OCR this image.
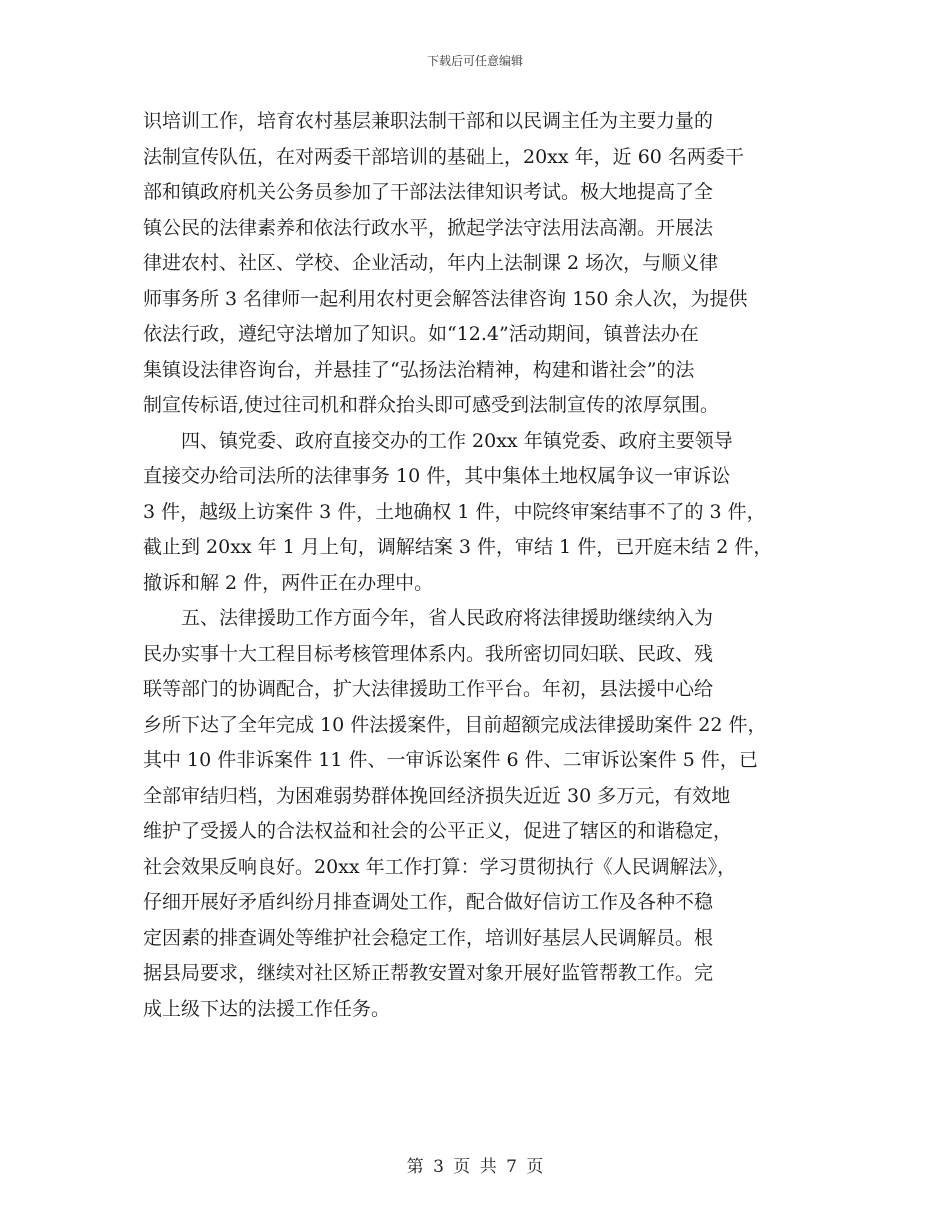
下载后可任意编辑
识培训工作，培育农村基层兼职法制干部和以民调主任为主要力量的
法制宣传队伍，在对两委干部培训的基础上，20xx 年，近 60 名两委干
部和镇政府机关公务员参加了干部法法律知识考试。极大地提高了全
镇公民的法律素养和依法行政水平，掀起学法守法用法高潮。开展法
律进农村、社区、学校、企业活动，年内上法制课 2 场次，与顺义律
师事务所 3 名律师一起利用农村更会解答法律咨询 150 余人次，为提供
依法行政，遵纪守法增加了知识。如“12.4”活动期间，镇普法办在
集镇设法律咨询台，并悬挂了“弘扬法治精神，构建和谐社会”的法
制宣传标语,使过往司机和群众抬头即可感受到法制宣传的浓厚氛围。
　　四、镇党委、政府直接交办的工作 20xx 年镇党委、政府主要领导
直接交办给司法所的法律事务 10 件，其中集体土地权属争议一审诉讼
3 件，越级上访案件 3 件，土地确权 1 件，中院终审案结事不了的 3 件，
截止到 20xx 年 1 月上旬，调解结案 3 件，审结 1 件，已开庭未结 2 件，
撤诉和解 2 件，两件正在办理中。
　　五、法律援助工作方面今年，省人民政府将法律援助继续纳入为
民办实事十大工程目标考核管理体系内。我所密切同妇联、民政、残
联等部门的协调配合，扩大法律援助工作平台。年初，县法援中心给
乡所下达了全年完成 10 件法援案件，目前超额完成法律援助案件 22 件，
其中 10 件非诉案件 11 件、一审诉讼案件 6 件、二审诉讼案件 5 件，已
全部审结归档，为困难弱势群体挽回经济损失近近 30 多万元，有效地
维护了受援人的合法权益和社会的公平正义，促进了辖区的和谐稳定，
社会效果反响良好。20xx 年工作打算：学习贯彻执行《人民调解法》，
仔细开展好矛盾纠纷月排查调处工作，配合做好信访工作及各种不稳
定因素的排查调处等维护社会稳定工作，培训好基层人民调解员。根
据县局要求，继续对社区矫正帮教安置对象开展好监管帮教工作。完
成上级下达的法援工作任务。
第 3 页 共 7 页
